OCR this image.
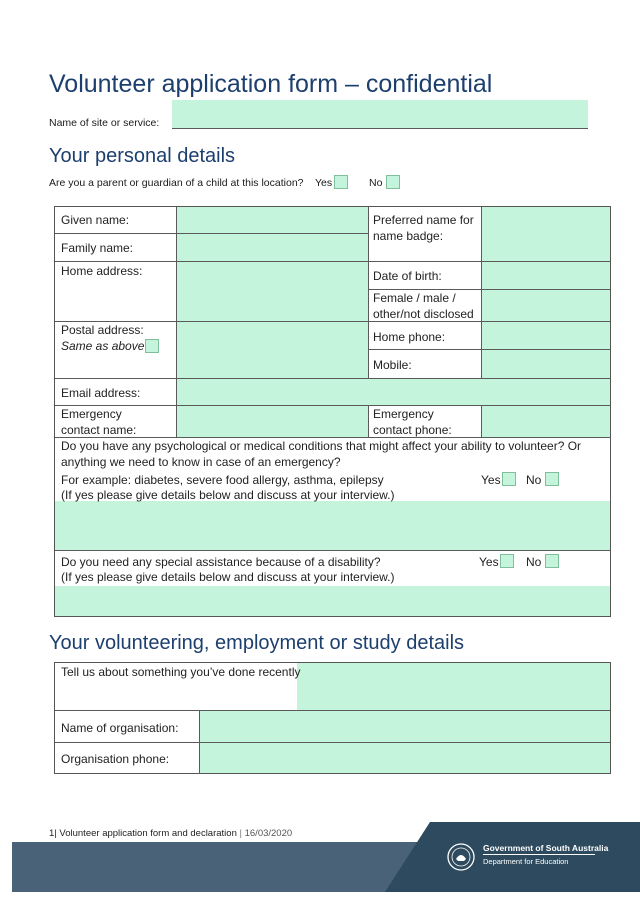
Volunteer application form – confidential
Name of site or service:
Your personal details
Are you a parent or guardian of a child at this location? Yes	No
Given name:
Family name:
Preferred name for name badge:
Home address:	Date of birth:
Female / male / other/not disclosed
Postal address:
Same as above
Home phone:
Mobile:
Email address:
Emergency contact name:
Emergency contact phone:
Do you have any psychological or medical conditions that might affect your ability to volunteer? Or anything we need to know in case of an emergency?
For example: diabetes, severe food allergy, asthma, epilepsy
(If yes please give details below and discuss at your interview.)
Yes No
Do you need any special assistance because of a disability?
(If yes please give details below and discuss at your interview.)
Yes No
Your volunteering, employment or study details
Tell us about something you’ve done recently
Name of organisation:
Organisation phone:
1| Volunteer application form and declaration | 16/03/2020
Government of South Australia
Department for Education
